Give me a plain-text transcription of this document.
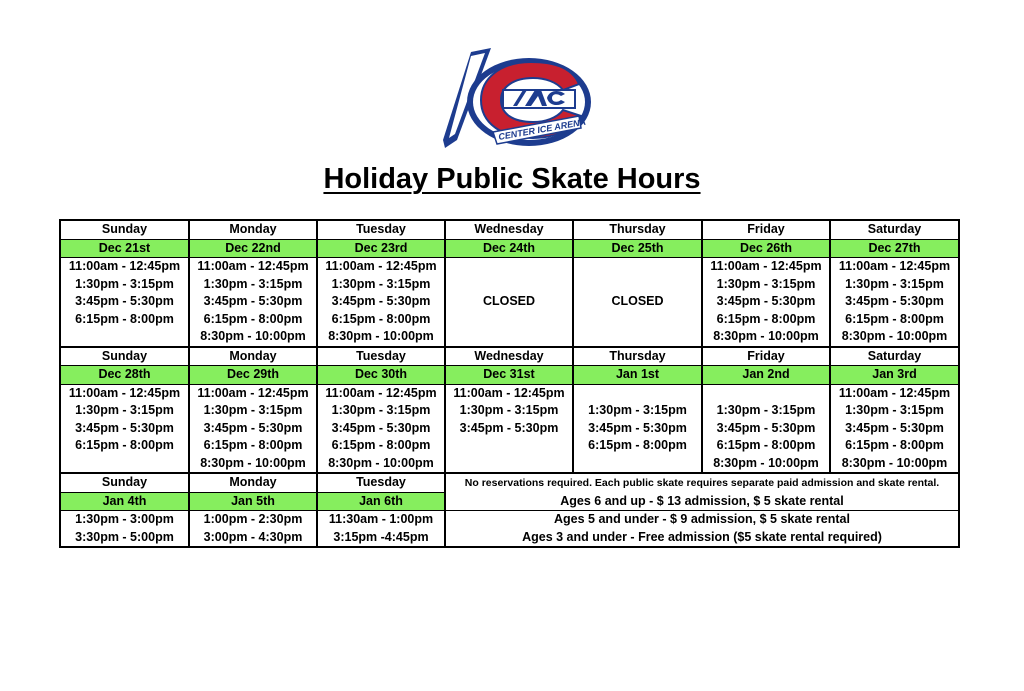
CENTER ICE ARENA
Holiday Public Skate Hours
Sunday	Monday	Tuesday	Wednesday	Thursday	Friday	Saturday
Dec 21st	Dec 22nd	Dec 23rd	Dec 24th	Dec 25th	Dec 26th	Dec 27th
11:00am - 12:45pm	11:00am - 12:45pm	11:00am - 12:45pm			11:00am - 12:45pm	11:00am - 12:45pm
1:30pm - 3:15pm	1:30pm - 3:15pm	1:30pm - 3:15pm			1:30pm - 3:15pm	1:30pm - 3:15pm
3:45pm - 5:30pm	3:45pm - 5:30pm	3:45pm - 5:30pm	CLOSED	CLOSED	3:45pm - 5:30pm	3:45pm - 5:30pm
6:15pm - 8:00pm	6:15pm - 8:00pm	6:15pm - 8:00pm			6:15pm - 8:00pm	6:15pm - 8:00pm
	8:30pm - 10:00pm	8:30pm - 10:00pm			8:30pm - 10:00pm	8:30pm - 10:00pm
Sunday	Monday	Tuesday	Wednesday	Thursday	Friday	Saturday
Dec 28th	Dec 29th	Dec 30th	Dec 31st	Jan 1st	Jan 2nd	Jan 3rd
11:00am - 12:45pm	11:00am - 12:45pm	11:00am - 12:45pm	11:00am - 12:45pm			11:00am - 12:45pm
1:30pm - 3:15pm	1:30pm - 3:15pm	1:30pm - 3:15pm	1:30pm - 3:15pm	1:30pm - 3:15pm	1:30pm - 3:15pm	1:30pm - 3:15pm
3:45pm - 5:30pm	3:45pm - 5:30pm	3:45pm - 5:30pm	3:45pm - 5:30pm	3:45pm - 5:30pm	3:45pm - 5:30pm	3:45pm - 5:30pm
6:15pm - 8:00pm	6:15pm - 8:00pm	6:15pm - 8:00pm		6:15pm - 8:00pm	6:15pm - 8:00pm	6:15pm - 8:00pm
	8:30pm - 10:00pm	8:30pm - 10:00pm			8:30pm - 10:00pm	8:30pm - 10:00pm
Sunday	Monday	Tuesday	No reservations required. Each public skate requires separate paid admission and skate rental.			
Jan 4th	Jan 5th	Jan 6th	Ages 6 and up - $ 13 admission, $ 5 skate rental			
1:30pm - 3:00pm	1:00pm - 2:30pm	11:30am - 1:00pm	Ages 5 and under - $ 9 admission, $ 5 skate rental			
3:30pm - 5:00pm	3:00pm - 4:30pm	3:15pm -4:45pm	Ages 3 and under - Free admission ($5 skate rental required)			
